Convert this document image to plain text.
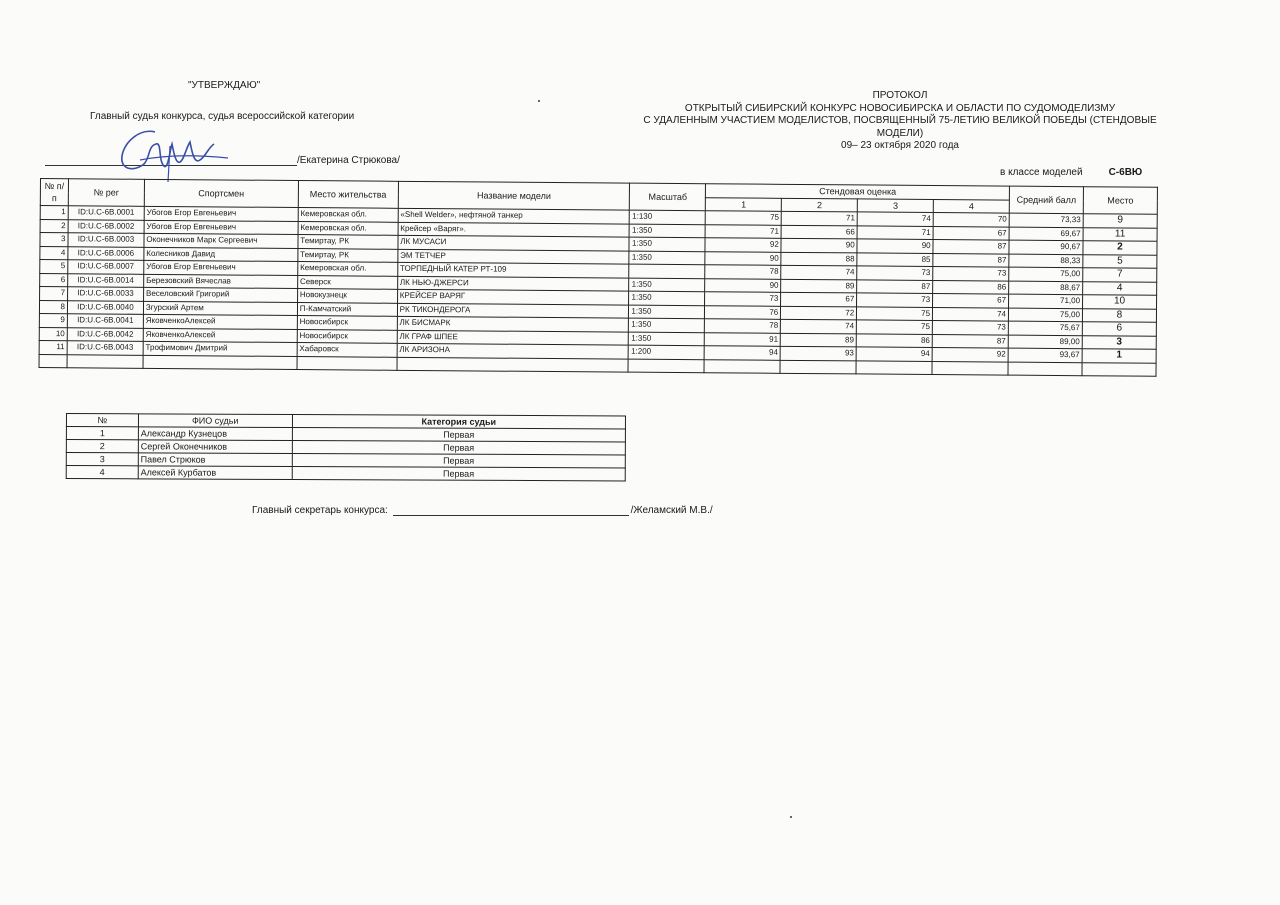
"УТВЕРЖДАЮ"
Главный судья конкурса, судья всероссийской категории
/Екатерина Стрюкова/
ПРОТОКОЛ
ОТКРЫТЫЙ СИБИРСКИЙ КОНКУРС НОВОСИБИРСКА И ОБЛАСТИ ПО СУДОМОДЕЛИЗМУ
С УДАЛЕННЫМ УЧАСТИЕМ МОДЕЛИСТОВ, ПОСВЯЩЕННЫЙ 75-ЛЕТИЮ ВЕЛИКОЙ ПОБЕДЫ (СТЕНДОВЫЕ
МОДЕЛИ)
09– 23 октября 2020 года
в классе моделей	С-6ВЮ
№ п/п	№ рег	Спортсмен	Место жительства	Название модели	Масштаб	Стендовая оценка				Средний балл	Место
						1	2	3	4		
1	ID:U.C-6B.0001	Убогов Егор Евгеньевич	Кемеровская обл.	«Shell Welder», нефтяной танкер	1:130	75	71	74	70	73,33	9
2	ID:U.C-6B.0002	Убогов Егор Евгеньевич	Кемеровская обл.	Крейсер «Варяг».	1:350	71	66	71	67	69,67	11
3	ID:U.C-6B.0003	Оконечников Марк Сергеевич	Темиртау, РК	ЛК МУСАСИ	1:350	92	90	90	87	90,67	2
4	ID:U.C-6B.0006	Колесников Давид	Темиртау, РК	ЭМ ТЕТЧЕР	1:350	90	88	85	87	88,33	5
5	ID:U.C-6B.0007	Убогов Егор Евгеньевич	Кемеровская обл.	ТОРПЕДНЫЙ КАТЕР РТ-109		78	74	73	73	75,00	7
6	ID:U.C-6B.0014	Березовский Вячеслав	Северск	ЛК НЬЮ-ДЖЕРСИ	1:350	90	89	87	86	88,67	4
7	ID:U.C-6B.0033	Веселовский Григорий	Новокузнецк	КРЕЙСЕР ВАРЯГ	1:350	73	67	73	67	71,00	10
8	ID:U.C-6B.0040	Згурский Артем	П-Камчатский	РК ТИКОНДЕРОГА	1:350	76	72	75	74	75,00	8
9	ID:U.C-6B.0041	ЯковченкоАлексей	Новосибирск	ЛК БИСМАРК	1:350	78	74	75	73	75,67	6
10	ID:U.C-6B.0042	ЯковченкоАлексей	Новосибирск	ЛК ГРАФ ШПЕЕ	1:350	91	89	86	87	89,00	3
11	ID:U.C-6B.0043	Трофимович Дмитрий	Хабаровск	ЛК АРИЗОНА	1:200	94	93	94	92	93,67	1

№	ФИО судьи	Категория судьи
1	Александр Кузнецов	Первая
2	Сергей Оконечников	Первая
3	Павел Стрюков	Первая
4	Алексей Курбатов	Первая
Главный секретарь конкурса:	/Желамский М.В./
